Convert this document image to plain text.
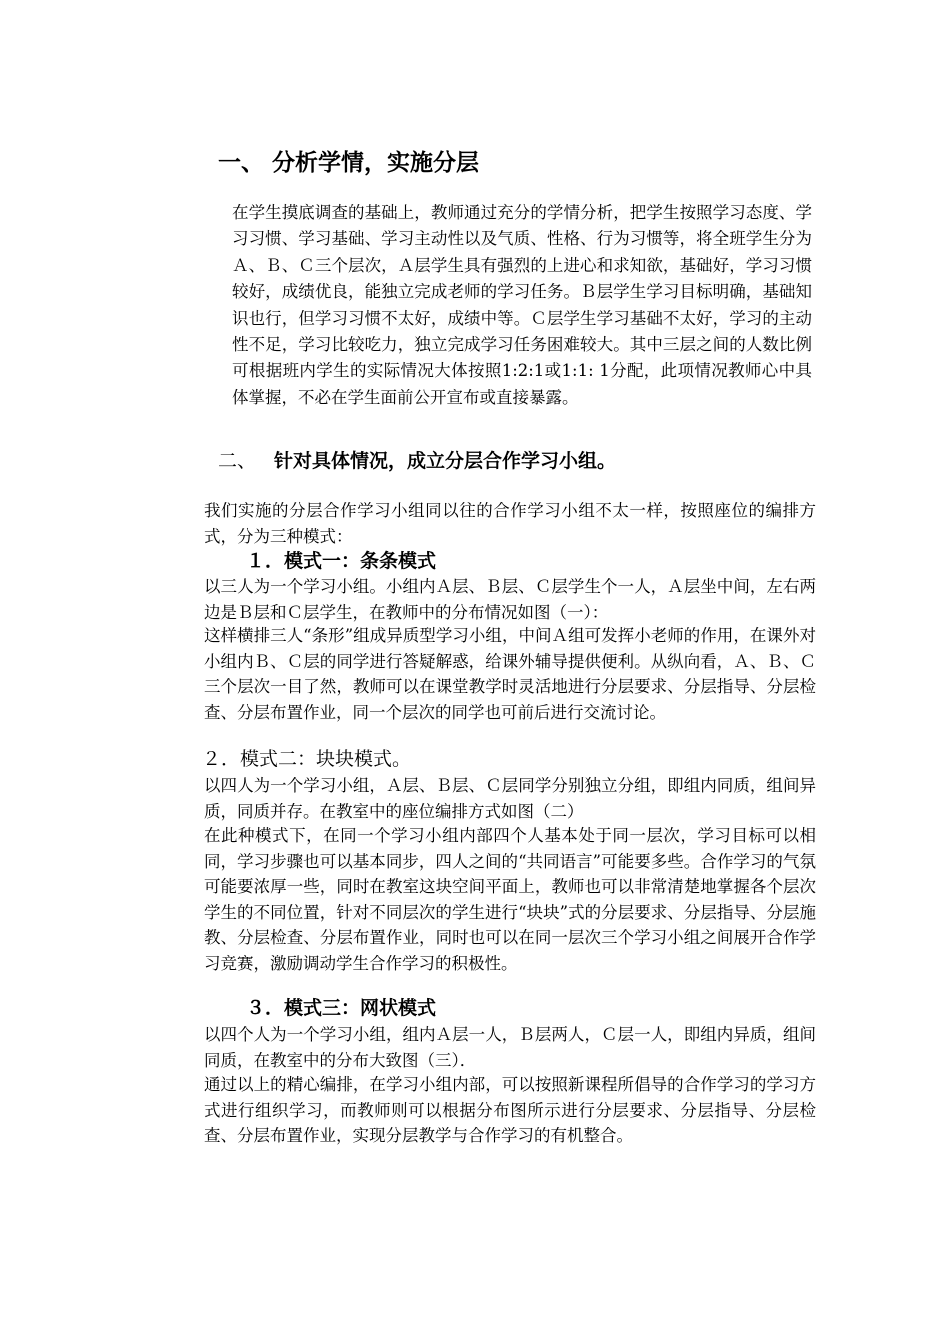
一、 分析学情，实施分层

在学生摸底调查的基础上，教师通过充分的学情分析，把学生按照学习态度、学习习惯、学习基础、学习主动性以及气质、性格、行为习惯等，将全班学生分为Ａ、Ｂ、Ｃ三个层次，Ａ层学生具有强烈的上进心和求知欲，基础好，学习习惯较好，成绩优良，能独立完成老师的学习任务。Ｂ层学生学习目标明确，基础知识也行，但学习习惯不太好，成绩中等。Ｃ层学生学习基础不太好，学习的主动性不足，学习比较吃力，独立完成学习任务困难较大。其中三层之间的人数比例可根据班内学生的实际情况大体按照1:2:1或1:1: 1分配，此项情况教师心中具体掌握，不必在学生面前公开宣布或直接暴露。

二、 针对具体情况，成立分层合作学习小组。

我们实施的分层合作学习小组同以往的合作学习小组不太一样，按照座位的编排方式，分为三种模式：

１．模式一：条条模式

以三人为一个学习小组。小组内Ａ层、Ｂ层、Ｃ层学生个一人，Ａ层坐中间，左右两边是Ｂ层和Ｃ层学生，在教师中的分布情况如图（一）：

这样横排三人“条形”组成异质型学习小组，中间Ａ组可发挥小老师的作用，在课外对小组内Ｂ、Ｃ层的同学进行答疑解惑，给课外辅导提供便利。从纵向看，Ａ、Ｂ、Ｃ三个层次一目了然，教师可以在课堂教学时灵活地进行分层要求、分层指导、分层检查、分层布置作业，同一个层次的同学也可前后进行交流讨论。

２．模式二：块块模式。

以四人为一个学习小组，Ａ层、Ｂ层、Ｃ层同学分别独立分组，即组内同质，组间异质，同质并存。在教室中的座位编排方式如图（二）

在此种模式下，在同一个学习小组内部四个人基本处于同一层次，学习目标可以相同，学习步骤也可以基本同步，四人之间的“共同语言”可能要多些。合作学习的气氛可能要浓厚一些，同时在教室这块空间平面上，教师也可以非常清楚地掌握各个层次学生的不同位置，针对不同层次的学生进行“块块”式的分层要求、分层指导、分层施教、分层检查、分层布置作业，同时也可以在同一层次三个学习小组之间展开合作学习竞赛，激励调动学生合作学习的积极性。

３．模式三：网状模式

以四个人为一个学习小组，组内Ａ层一人，Ｂ层两人，Ｃ层一人，即组内异质，组间同质，在教室中的分布大致图（三）．

通过以上的精心编排，在学习小组内部，可以按照新课程所倡导的合作学习的学习方式进行组织学习，而教师则可以根据分布图所示进行分层要求、分层指导、分层检查、分层布置作业，实现分层教学与合作学习的有机整合。
